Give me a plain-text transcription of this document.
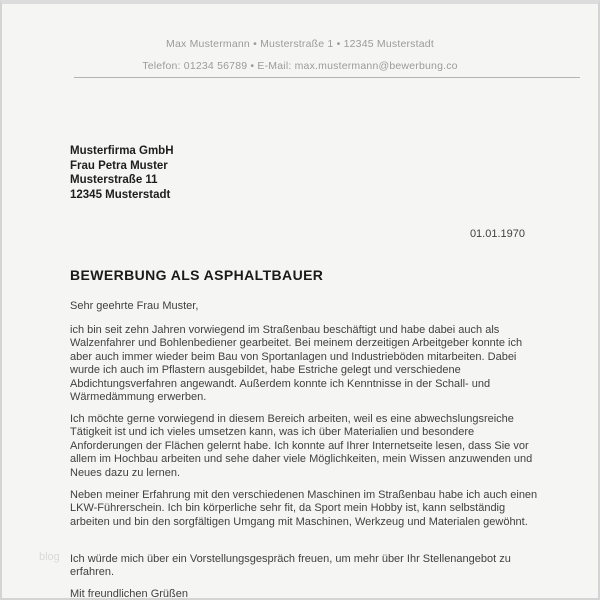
Max Mustermann • Musterstraße 1 • 12345 Musterstadt
Telefon: 01234 56789 • E-Mail: max.mustermann@bewerbung.co
Musterfirma GmbH
Frau Petra Muster
Musterstraße 11
12345 Musterstadt
01.01.1970
BEWERBUNG ALS ASPHALTBAUER
Sehr geehrte Frau Muster,

ich bin seit zehn Jahren vorwiegend im Straßenbau beschäftigt und habe dabei auch als Walzenfahrer und Bohlenbediener gearbeitet. Bei meinem derzeitigen Arbeitgeber konnte ich aber auch immer wieder beim Bau von Sportanlagen und Industrieböden mitarbeiten. Dabei wurde ich auch im Pflastern ausgebildet, habe Estriche gelegt und verschiedene Abdichtungsverfahren angewandt. Außerdem konnte ich Kenntnisse in der Schall- und Wärmedämmung erwerben.

Ich möchte gerne vorwiegend in diesem Bereich arbeiten, weil es eine abwechslungsreiche Tätigkeit ist und ich vieles umsetzen kann, was ich über Materialien und besondere Anforderungen der Flächen gelernt habe. Ich konnte auf Ihrer Internetseite lesen, dass Sie vor allem im Hochbau arbeiten und sehe daher viele Möglichkeiten, mein Wissen anzuwenden und Neues dazu zu lernen.

Neben meiner Erfahrung mit den verschiedenen Maschinen im Straßenbau habe ich auch einen LKW-Führerschein. Ich bin körperliche sehr fit, da Sport mein Hobby ist, kann selbständig arbeiten und bin den sorgfältigen Umgang mit Maschinen, Werkzeug und Materialen gewöhnt.

Ich würde mich über ein Vorstellungsgespräch freuen, um mehr über Ihr Stellenangebot zu erfahren.

Mit freundlichen Grüßen
blog
